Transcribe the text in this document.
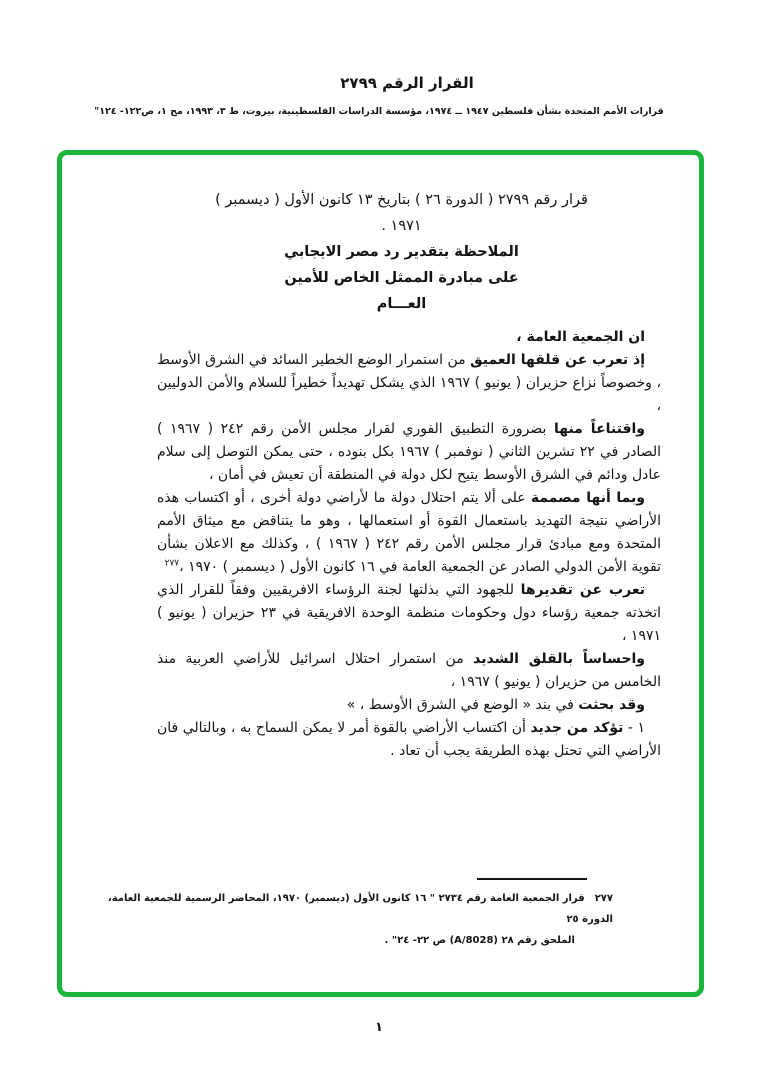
القرار الرقم ٢٧٩٩
قرارات الأمم المتحدة بشأن فلسطين ١٩٤٧ ــ ١٩٧٤، مؤسسة الدراسات الفلسطينية، بيروت، ط ٣، ١٩٩٣، مج ١، ص١٢٢- ١٢٤"
قرار رقم ٢٧٩٩ ( الدورة ٢٦ ) بتاريخ ١٣ كانون الأول ( ديسمبر )
١٩٧١ .
الملاحظة بتقدير رد مصر الايجابي
على مبادرة الممثل الخاص للأمين
العـــام

ان الجمعية العامة ،

إذ تعرب عن قلقها العميق من استمرار الوضع الخطير السائد في الشرق الأوسط ، وخصوصاً نزاع حزيران ( يونيو ) ١٩٦٧ الذي يشكل تهديداً خطيراً للسلام والأمن الدوليين ،

واقتناعاً منها بضرورة التطبيق الفوري لقرار مجلس الأمن رقم ٢٤٢ ( ١٩٦٧ ) الصادر في ٢٢ تشرين الثاني ( نوفمبر ) ١٩٦٧ بكل بنوده ، حتى يمكن التوصل إلى سلام عادل ودائم في الشرق الأوسط يتيح لكل دولة في المنطقة أن تعيش في أمان ،

وبما أنها مصممة على ألا يتم احتلال دولة ما لأراضي دولة أخرى ، أو اكتساب هذه الأراضي نتيجة التهديد باستعمال القوة أو استعمالها ، وهو ما يتناقض مع ميثاق الأمم المتحدة ومع مبادئ قرار مجلس الأمن رقم ٢٤٢ ( ١٩٦٧ ) ، وكذلك مع الاعلان بشأن تقوية الأمن الدولي الصادر عن الجمعية العامة في ١٦ كانون الأول ( ديسمبر ) ١٩٧٠ ،$^{٢٧٧}$

تعرب عن تقديرها للجهود التي بذلتها لجنة الرؤساء الافريقيين وفقاً للقرار الذي اتخذته جمعية رؤساء دول وحكومات منظمة الوحدة الافريقية في ٢٣ حزيران ( يونيو ) ١٩٧١ ،

واحساساً بالقلق الشديد من استمرار احتلال اسرائيل للأراضي العربية منذ الخامس من حزيران ( يونيو ) ١٩٦٧ ،

وقد بحثت في بند « الوضع في الشرق الأوسط ، »

١ - تؤكد من جديد أن اكتساب الأراضي بالقوة أمر لا يمكن السماح به ، وبالتالي فان الأراضي التي تحتل بهذه الطريقة يجب أن تعاد .

٢٧٧قرار الجمعية العامة رقم ٢٧٣٤ " ١٦ كانون الأول (ديسمبر) ١٩٧٠، المحاضر الرسمية للجمعية العامة، الدورة ٢٥
الملحق رقم ٢٨ (A/8028) ص ٢٢- ٢٤" .
١
